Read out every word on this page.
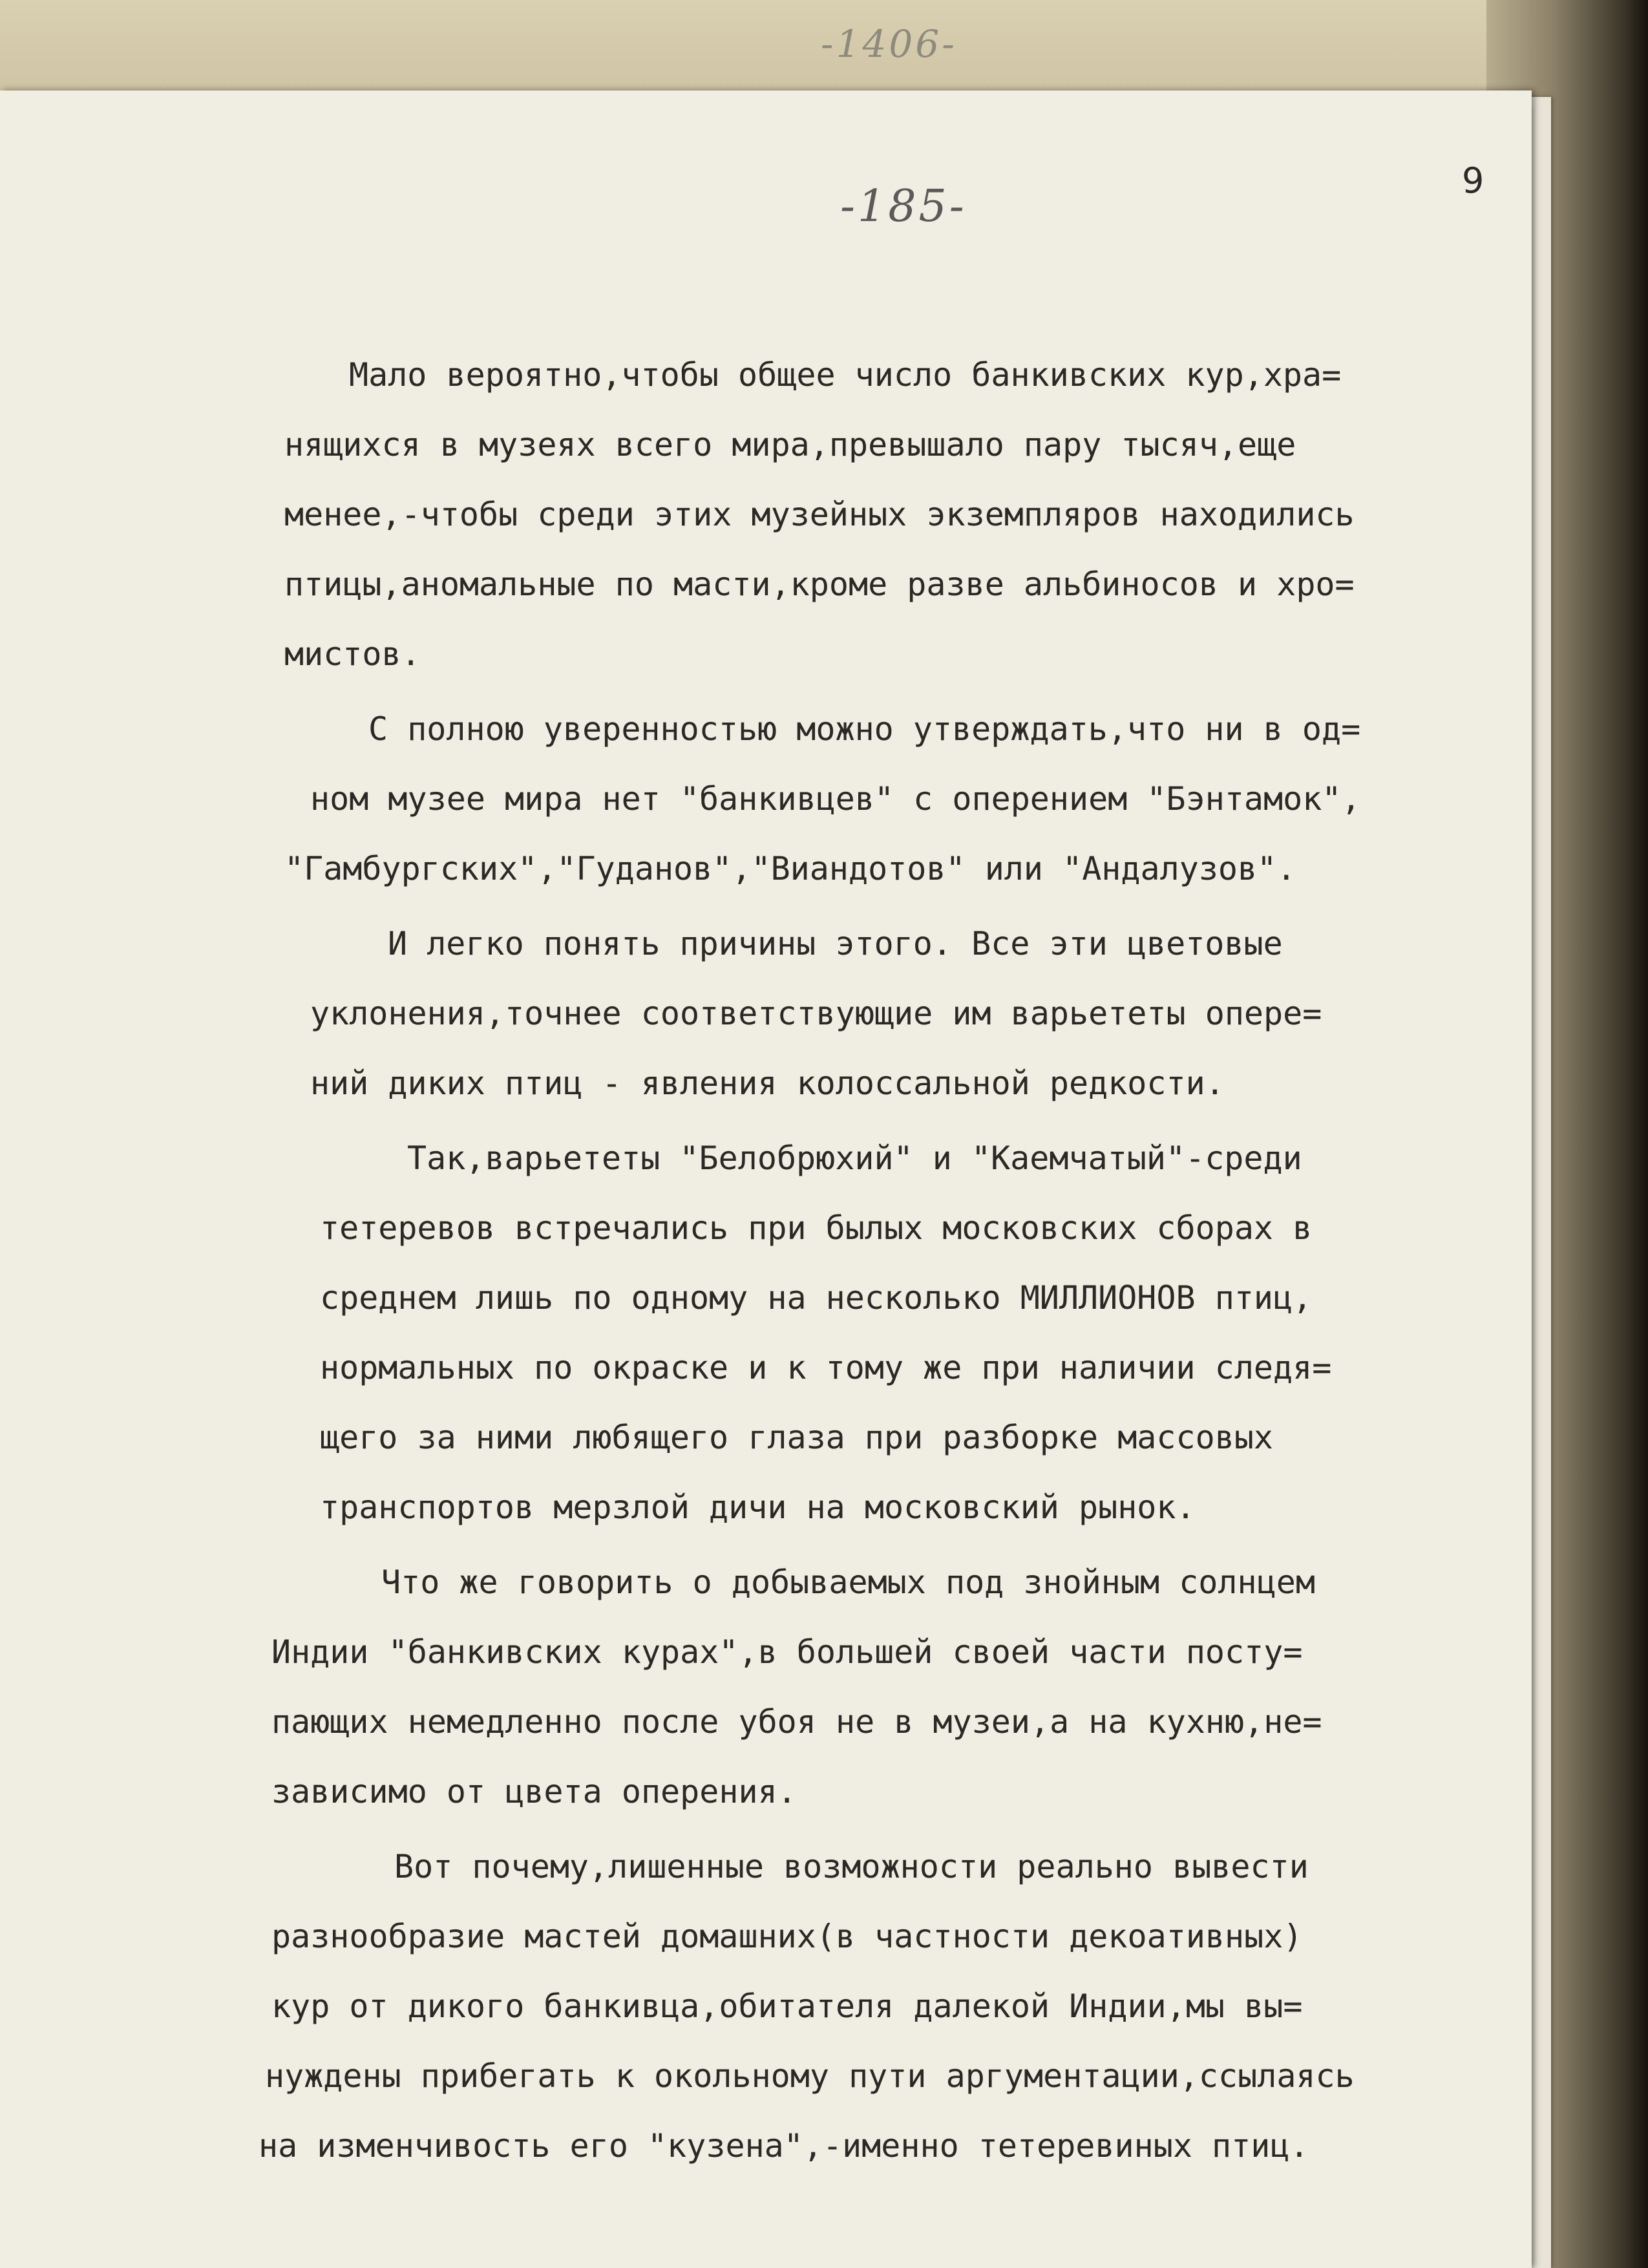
-1406-
-185-
9
Мало вероятно,чтобы общее число банкивских кур,хра=
нящихся в музеях всего мира,превышало пару тысяч,еще
менее,-чтобы среди этих музейных экземпляров находились
птицы,аномальные по масти,кроме разве альбиносов и хро=
мистов.
С полною уверенностью можно утверждать,что ни в од=
ном музее мира нет "банкивцев" с оперением "Бэнтамок",
"Гамбургских","Гуданов","Виандотов" или "Андалузов".
И легко понять причины этого. Все эти цветовые
уклонения,точнее соответствующие им варьететы опере=
ний диких птиц - явления колоссальной редкости.
Так,варьететы "Белобрюхий" и "Каемчатый"-среди
тетеревов встречались при былых московских сборах в
среднем лишь по одному на несколько МИЛЛИОНОВ птиц,
нормальных по окраске и к тому же при наличии следя=
щего за ними любящего глаза при разборке массовых
транспортов мерзлой дичи на московский рынок.
Что же говорить о добываемых под знойным солнцем
Индии "банкивских курах",в большей своей части посту=
пающих немедленно после убоя не в музеи,а на кухню,не=
зависимо от цвета оперения.
Вот почему,лишенные возможности реально вывести
разнообразие мастей домашних(в частности декоативных)
кур от дикого банкивца,обитателя далекой Индии,мы вы=
нуждены прибегать к окольному пути аргументации,ссылаясь
на изменчивость его "кузена",-именно тетеревиных птиц.
